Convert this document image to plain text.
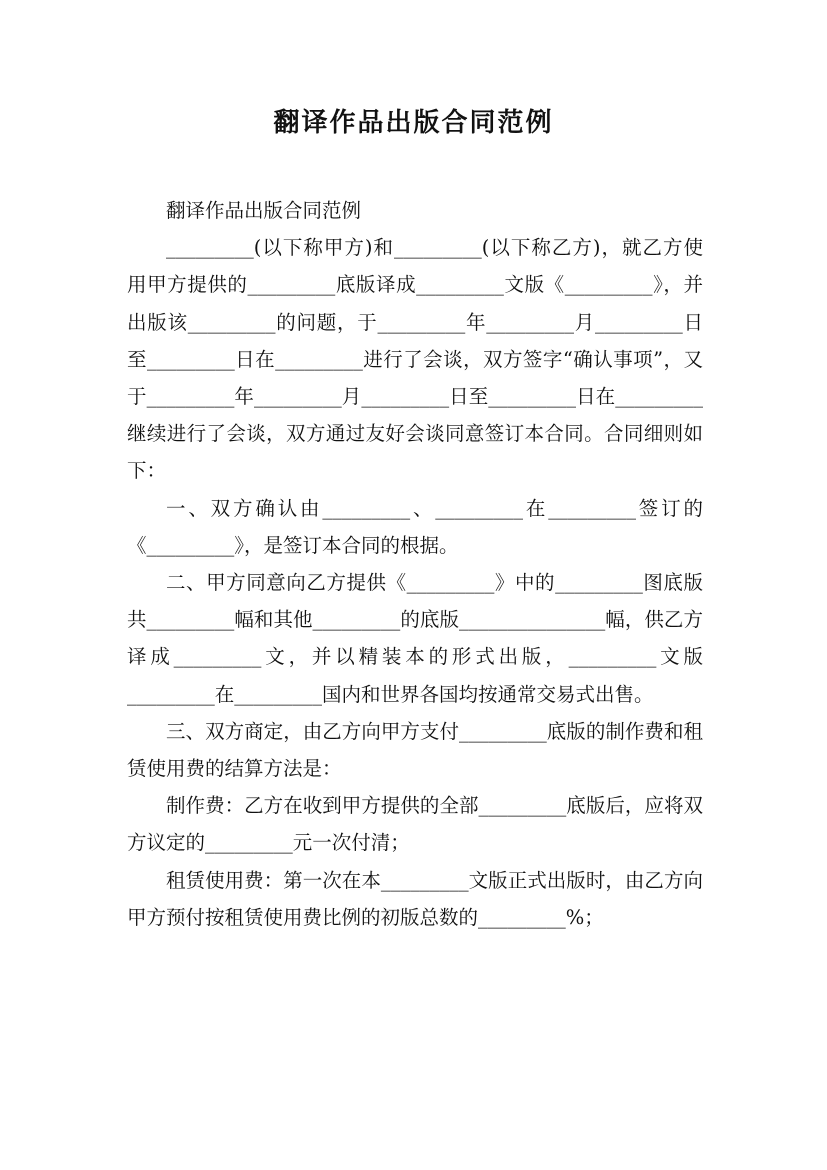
翻译作品出版合同范例

翻译作品出版合同范例

_________(以下称甲方)和_________(以下称乙方)，就乙方使用甲方提供的_________底版译成_________文版《_________》，并出版该_________的问题，于_________年_________月_________日至_________日在_________进行了会谈，双方签字“确认事项”，又于_________年_________月_________日至_________日在_________继续进行了会谈，双方通过友好会谈同意签订本合同。合同细则如下：

一、双方确认由_________、_________在_________签订的《_________》，是签订本合同的根据。

二、甲方同意向乙方提供《_________》中的_________图底版共_________幅和其他_________的底版_______________幅，供乙方译成_________文，并以精装本的形式出版，_________文版_________在_________国内和世界各国均按通常交易式出售。

三、双方商定，由乙方向甲方支付_________底版的制作费和租赁使用费的结算方法是：

制作费：乙方在收到甲方提供的全部_________底版后，应将双方议定的_________元一次付清；

租赁使用费：第一次在本_________文版正式出版时，由乙方向甲方预付按租赁使用费比例的初版总数的_________%；
